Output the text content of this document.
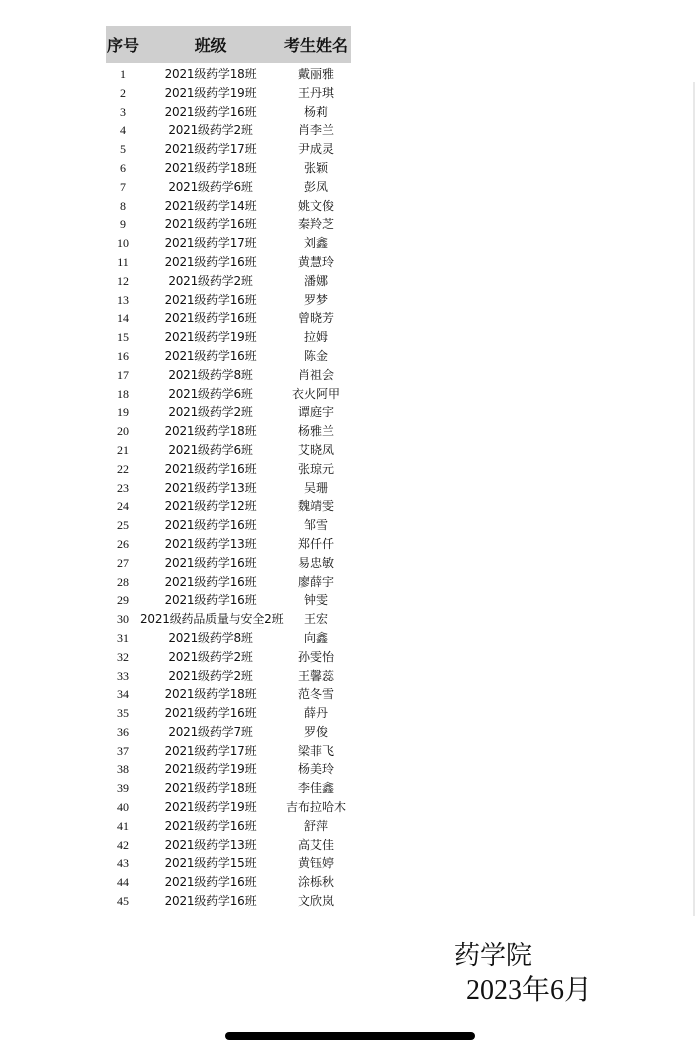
序号	班级	考生姓名
1	2021级药学18班	戴丽雅
2	2021级药学19班	王丹琪
3	2021级药学16班	杨莉
4	2021级药学2班	肖李兰
5	2021级药学17班	尹成灵
6	2021级药学18班	张颖
7	2021级药学6班	彭凤
8	2021级药学14班	姚文俊
9	2021级药学16班	秦羚芝
10	2021级药学17班	刘鑫
11	2021级药学16班	黄慧玲
12	2021级药学2班	潘娜
13	2021级药学16班	罗梦
14	2021级药学16班	曾晓芳
15	2021级药学19班	拉姆
16	2021级药学16班	陈金
17	2021级药学8班	肖祖会
18	2021级药学6班	衣火阿甲
19	2021级药学2班	谭庭宇
20	2021级药学18班	杨雅兰
21	2021级药学6班	艾晓凤
22	2021级药学16班	张琼元
23	2021级药学13班	吴珊
24	2021级药学12班	魏靖雯
25	2021级药学16班	邹雪
26	2021级药学13班	郑仟仟
27	2021级药学16班	易忠敏
28	2021级药学16班	廖薛宇
29	2021级药学16班	钟雯
30	2021级药品质量与安全2班	王宏
31	2021级药学8班	向鑫
32	2021级药学2班	孙雯怡
33	2021级药学2班	王馨蕊
34	2021级药学18班	范冬雪
35	2021级药学16班	薛丹
36	2021级药学7班	罗俊
37	2021级药学17班	梁菲飞
38	2021级药学19班	杨美玲
39	2021级药学18班	李佳鑫
40	2021级药学19班	吉布拉哈木
41	2021级药学16班	舒萍
42	2021级药学13班	高艾佳
43	2021级药学15班	黄钰婷
44	2021级药学16班	涂栎秋
45	2021级药学16班	文欣岚
药学院
2023年6月
